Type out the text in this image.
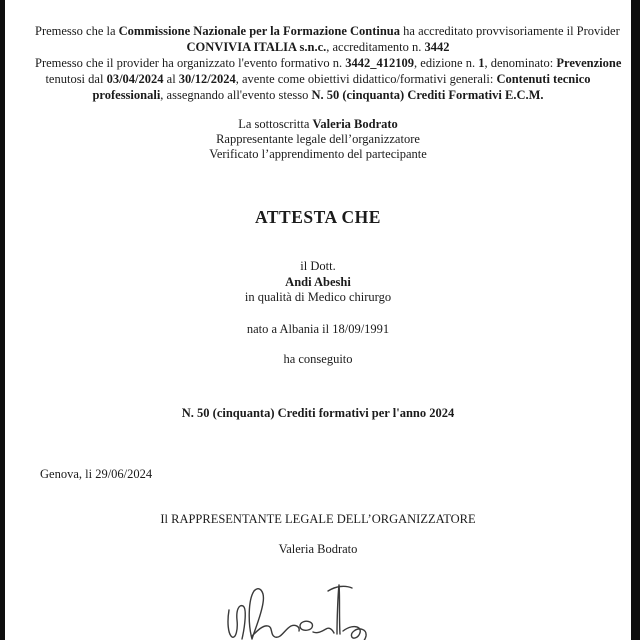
Premesso che la Commissione Nazionale per la Formazione Continua ha accreditato provvisoriamente il Provider
CONVIVIA ITALIA s.n.c., accreditamento n. 3442
Premesso che il provider ha organizzato l'evento formativo n. 3442_412109, edizione n. 1, denominato: Prevenzione
tenutosi dal 03/04/2024 al 30/12/2024, avente come obiettivi didattico/formativi generali: Contenuti tecnico
professionali, assegnando all'evento stesso N. 50 (cinquanta) Crediti Formativi E.C.M.
La sottoscritta Valeria Bodrato
Rappresentante legale dell’organizzatore
Verificato l’apprendimento del partecipante
ATTESTA CHE
il Dott.
Andi Abeshi
in qualità di Medico chirurgo
nato a Albania il 18/09/1991
ha conseguito
N. 50 (cinquanta) Crediti formativi per l'anno 2024
Genova, li 29/06/2024
Il RAPPRESENTANTE LEGALE DELL’ORGANIZZATORE
Valeria Bodrato
